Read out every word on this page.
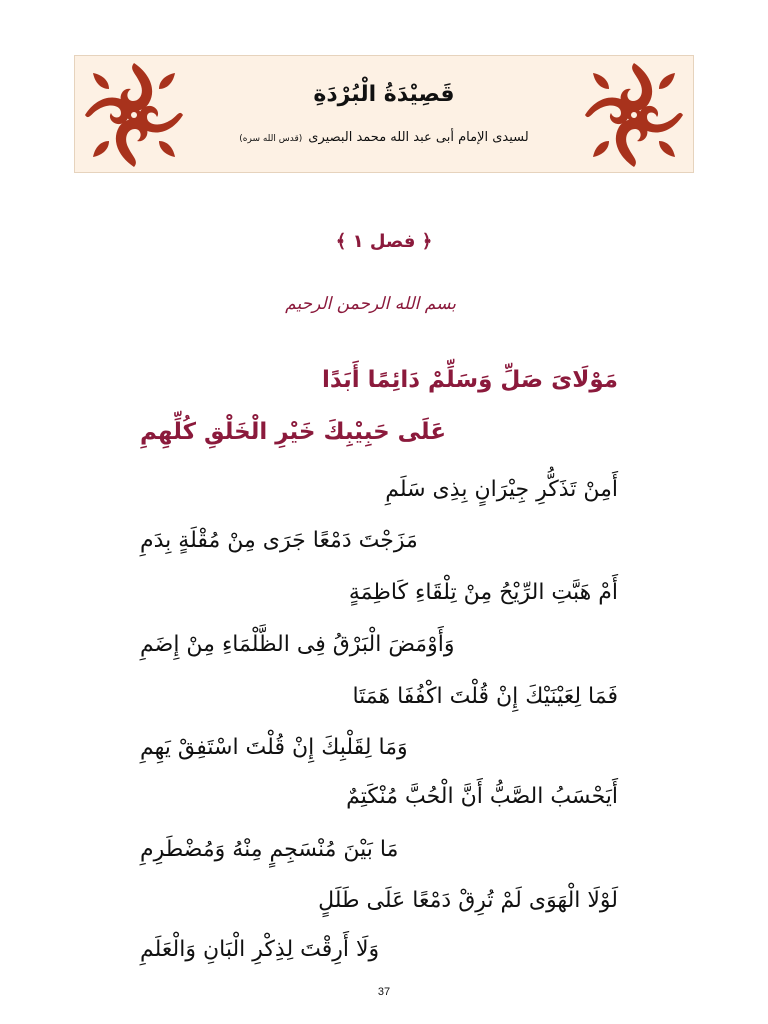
قَصِيْدَةُ الْبُرْدَةِ
لسيدى الإمام أبى عبد الله محمد البصيرى(قدس الله سره)
﴿ فصل ١ ﴾
بسم الله الرحمن الرحيم
مَوْلَایَ صَلِّ وَسَلِّمْ دَائِمًا أَبَدًا
عَلَى حَبِيْبِكَ خَيْرِ الْخَلْقِ كُلِّهِمِ
أَمِنْ تَذَكُّرِ جِيْرَانٍ بِذِی سَلَمِ
مَزَجْتَ دَمْعًا جَرَى مِنْ مُقْلَةٍ بِدَمِ
أَمْ هَبَّتِ الرِّيْحُ مِنْ تِلْقَاءِ كَاظِمَةٍ
وَأَوْمَضَ الْبَرْقُ فِی الظَّلْمَاءِ مِنْ إِضَمِ
فَمَا لِعَيْنَيْكَ إِنْ قُلْتَ اكْفُفَا هَمَتَا
وَمَا لِقَلْبِكَ إِنْ قُلْتَ اسْتَفِقْ يَهِمِ
أَيَحْسَبُ الصَّبُّ أَنَّ الْحُبَّ مُنْكَتِمٌ
مَا بَيْنَ مُنْسَجِمٍ مِنْهُ وَمُضْطَرِمِ
لَوْلَا الْهَوَى لَمْ تُرِقْ دَمْعًا عَلَى طَلَلٍ
وَلَا أَرِقْتَ لِذِكْرِ الْبَانِ وَالْعَلَمِ
37
